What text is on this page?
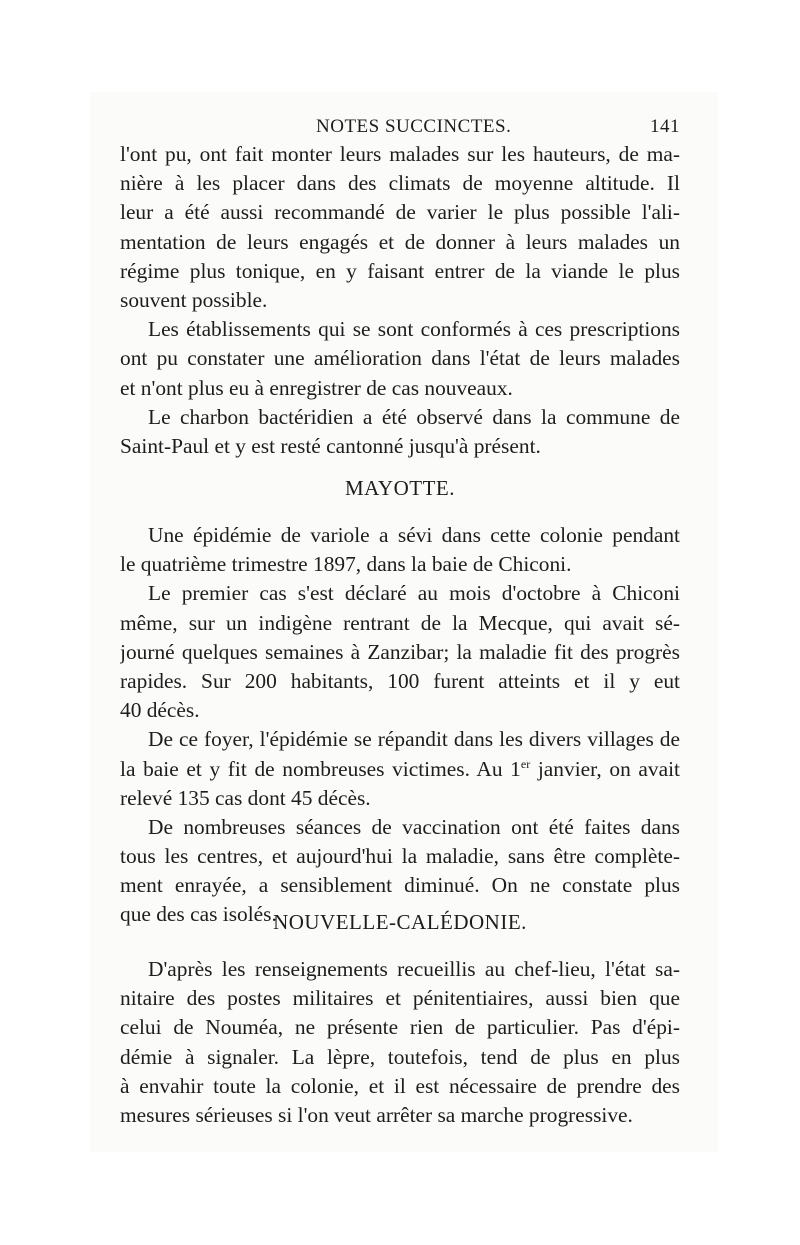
NOTES SUCCINCTES.	141
l'ont pu, ont fait monter leurs malades sur les hauteurs, de ma-
nière à les placer dans des climats de moyenne altitude. Il
leur a été aussi recommandé de varier le plus possible l'ali-
mentation de leurs engagés et de donner à leurs malades un
régime plus tonique, en y faisant entrer de la viande le plus
souvent possible.
Les établissements qui se sont conformés à ces prescriptions
ont pu constater une amélioration dans l'état de leurs malades
et n'ont plus eu à enregistrer de cas nouveaux.
Le charbon bactéridien a été observé dans la commune de
Saint-Paul et y est resté cantonné jusqu'à présent.
MAYOTTE.
Une épidémie de variole a sévi dans cette colonie pendant
le quatrième trimestre 1897, dans la baie de Chiconi.
Le premier cas s'est déclaré au mois d'octobre à Chiconi
même, sur un indigène rentrant de la Mecque, qui avait sé-
journé quelques semaines à Zanzibar; la maladie fit des progrès
rapides. Sur 200 habitants, 100 furent atteints et il y eut
40 décès.
De ce foyer, l'épidémie se répandit dans les divers villages de
la baie et y fit de nombreuses victimes. Au 1er janvier, on avait
relevé 135 cas dont 45 décès.
De nombreuses séances de vaccination ont été faites dans
tous les centres, et aujourd'hui la maladie, sans être complète-
ment enrayée, a sensiblement diminué. On ne constate plus
que des cas isolés.
NOUVELLE-CALÉDONIE.
D'après les renseignements recueillis au chef-lieu, l'état sa-
nitaire des postes militaires et pénitentiaires, aussi bien que
celui de Nouméa, ne présente rien de particulier. Pas d'épi-
démie à signaler. La lèpre, toutefois, tend de plus en plus
à envahir toute la colonie, et il est nécessaire de prendre des
mesures sérieuses si l'on veut arrêter sa marche progressive.
